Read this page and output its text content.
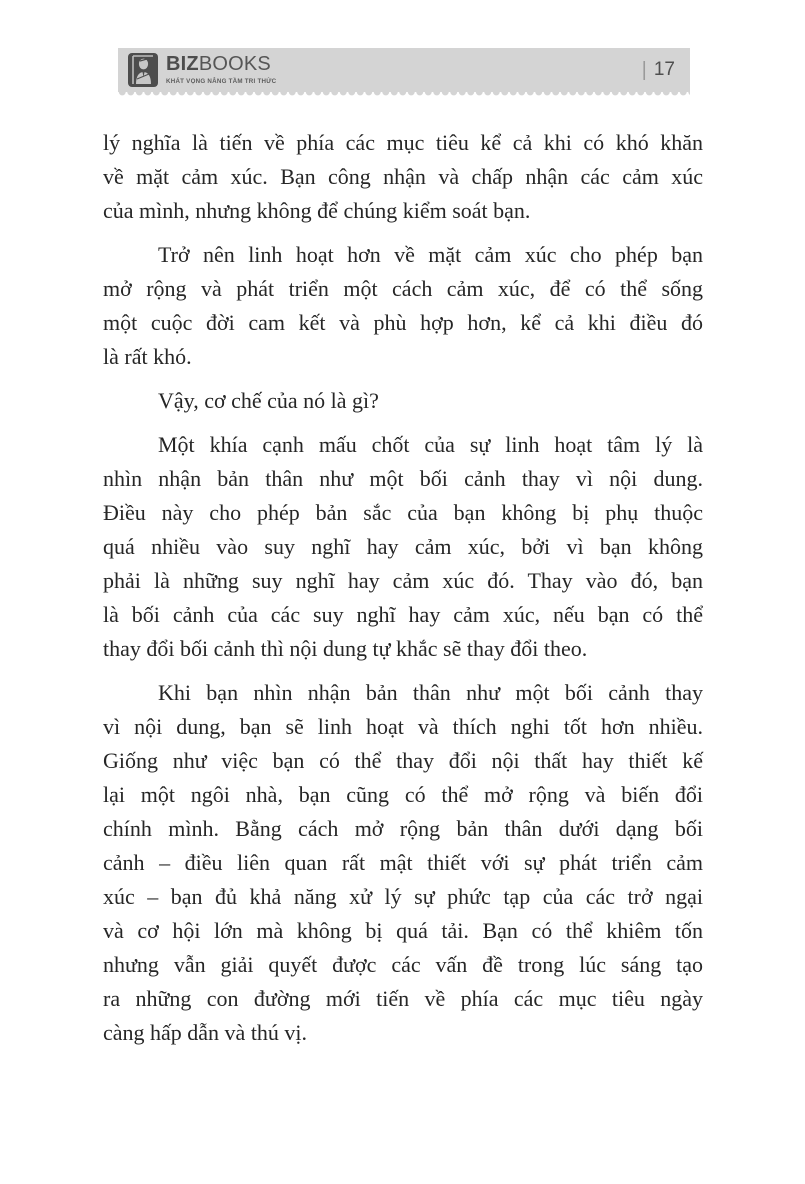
BIZBOOKS
KHÁT VỌNG NÂNG TẦM TRI THỨC
| 17

lý nghĩa là tiến về phía các mục tiêu kể cả khi có khó khăn
về mặt cảm xúc. Bạn công nhận và chấp nhận các cảm xúc
của mình, nhưng không để chúng kiểm soát bạn.

Trở nên linh hoạt hơn về mặt cảm xúc cho phép bạn
mở rộng và phát triển một cách cảm xúc, để có thể sống
một cuộc đời cam kết và phù hợp hơn, kể cả khi điều đó
là rất khó.

Vậy, cơ chế của nó là gì?

Một khía cạnh mấu chốt của sự linh hoạt tâm lý là
nhìn nhận bản thân như một bối cảnh thay vì nội dung.
Điều này cho phép bản sắc của bạn không bị phụ thuộc
quá nhiều vào suy nghĩ hay cảm xúc, bởi vì bạn không
phải là những suy nghĩ hay cảm xúc đó. Thay vào đó, bạn
là bối cảnh của các suy nghĩ hay cảm xúc, nếu bạn có thể
thay đổi bối cảnh thì nội dung tự khắc sẽ thay đổi theo.

Khi bạn nhìn nhận bản thân như một bối cảnh thay
vì nội dung, bạn sẽ linh hoạt và thích nghi tốt hơn nhiều.
Giống như việc bạn có thể thay đổi nội thất hay thiết kế
lại một ngôi nhà, bạn cũng có thể mở rộng và biến đổi
chính mình. Bằng cách mở rộng bản thân dưới dạng bối
cảnh – điều liên quan rất mật thiết với sự phát triển cảm
xúc – bạn đủ khả năng xử lý sự phức tạp của các trở ngại
và cơ hội lớn mà không bị quá tải. Bạn có thể khiêm tốn
nhưng vẫn giải quyết được các vấn đề trong lúc sáng tạo
ra những con đường mới tiến về phía các mục tiêu ngày
càng hấp dẫn và thú vị.
